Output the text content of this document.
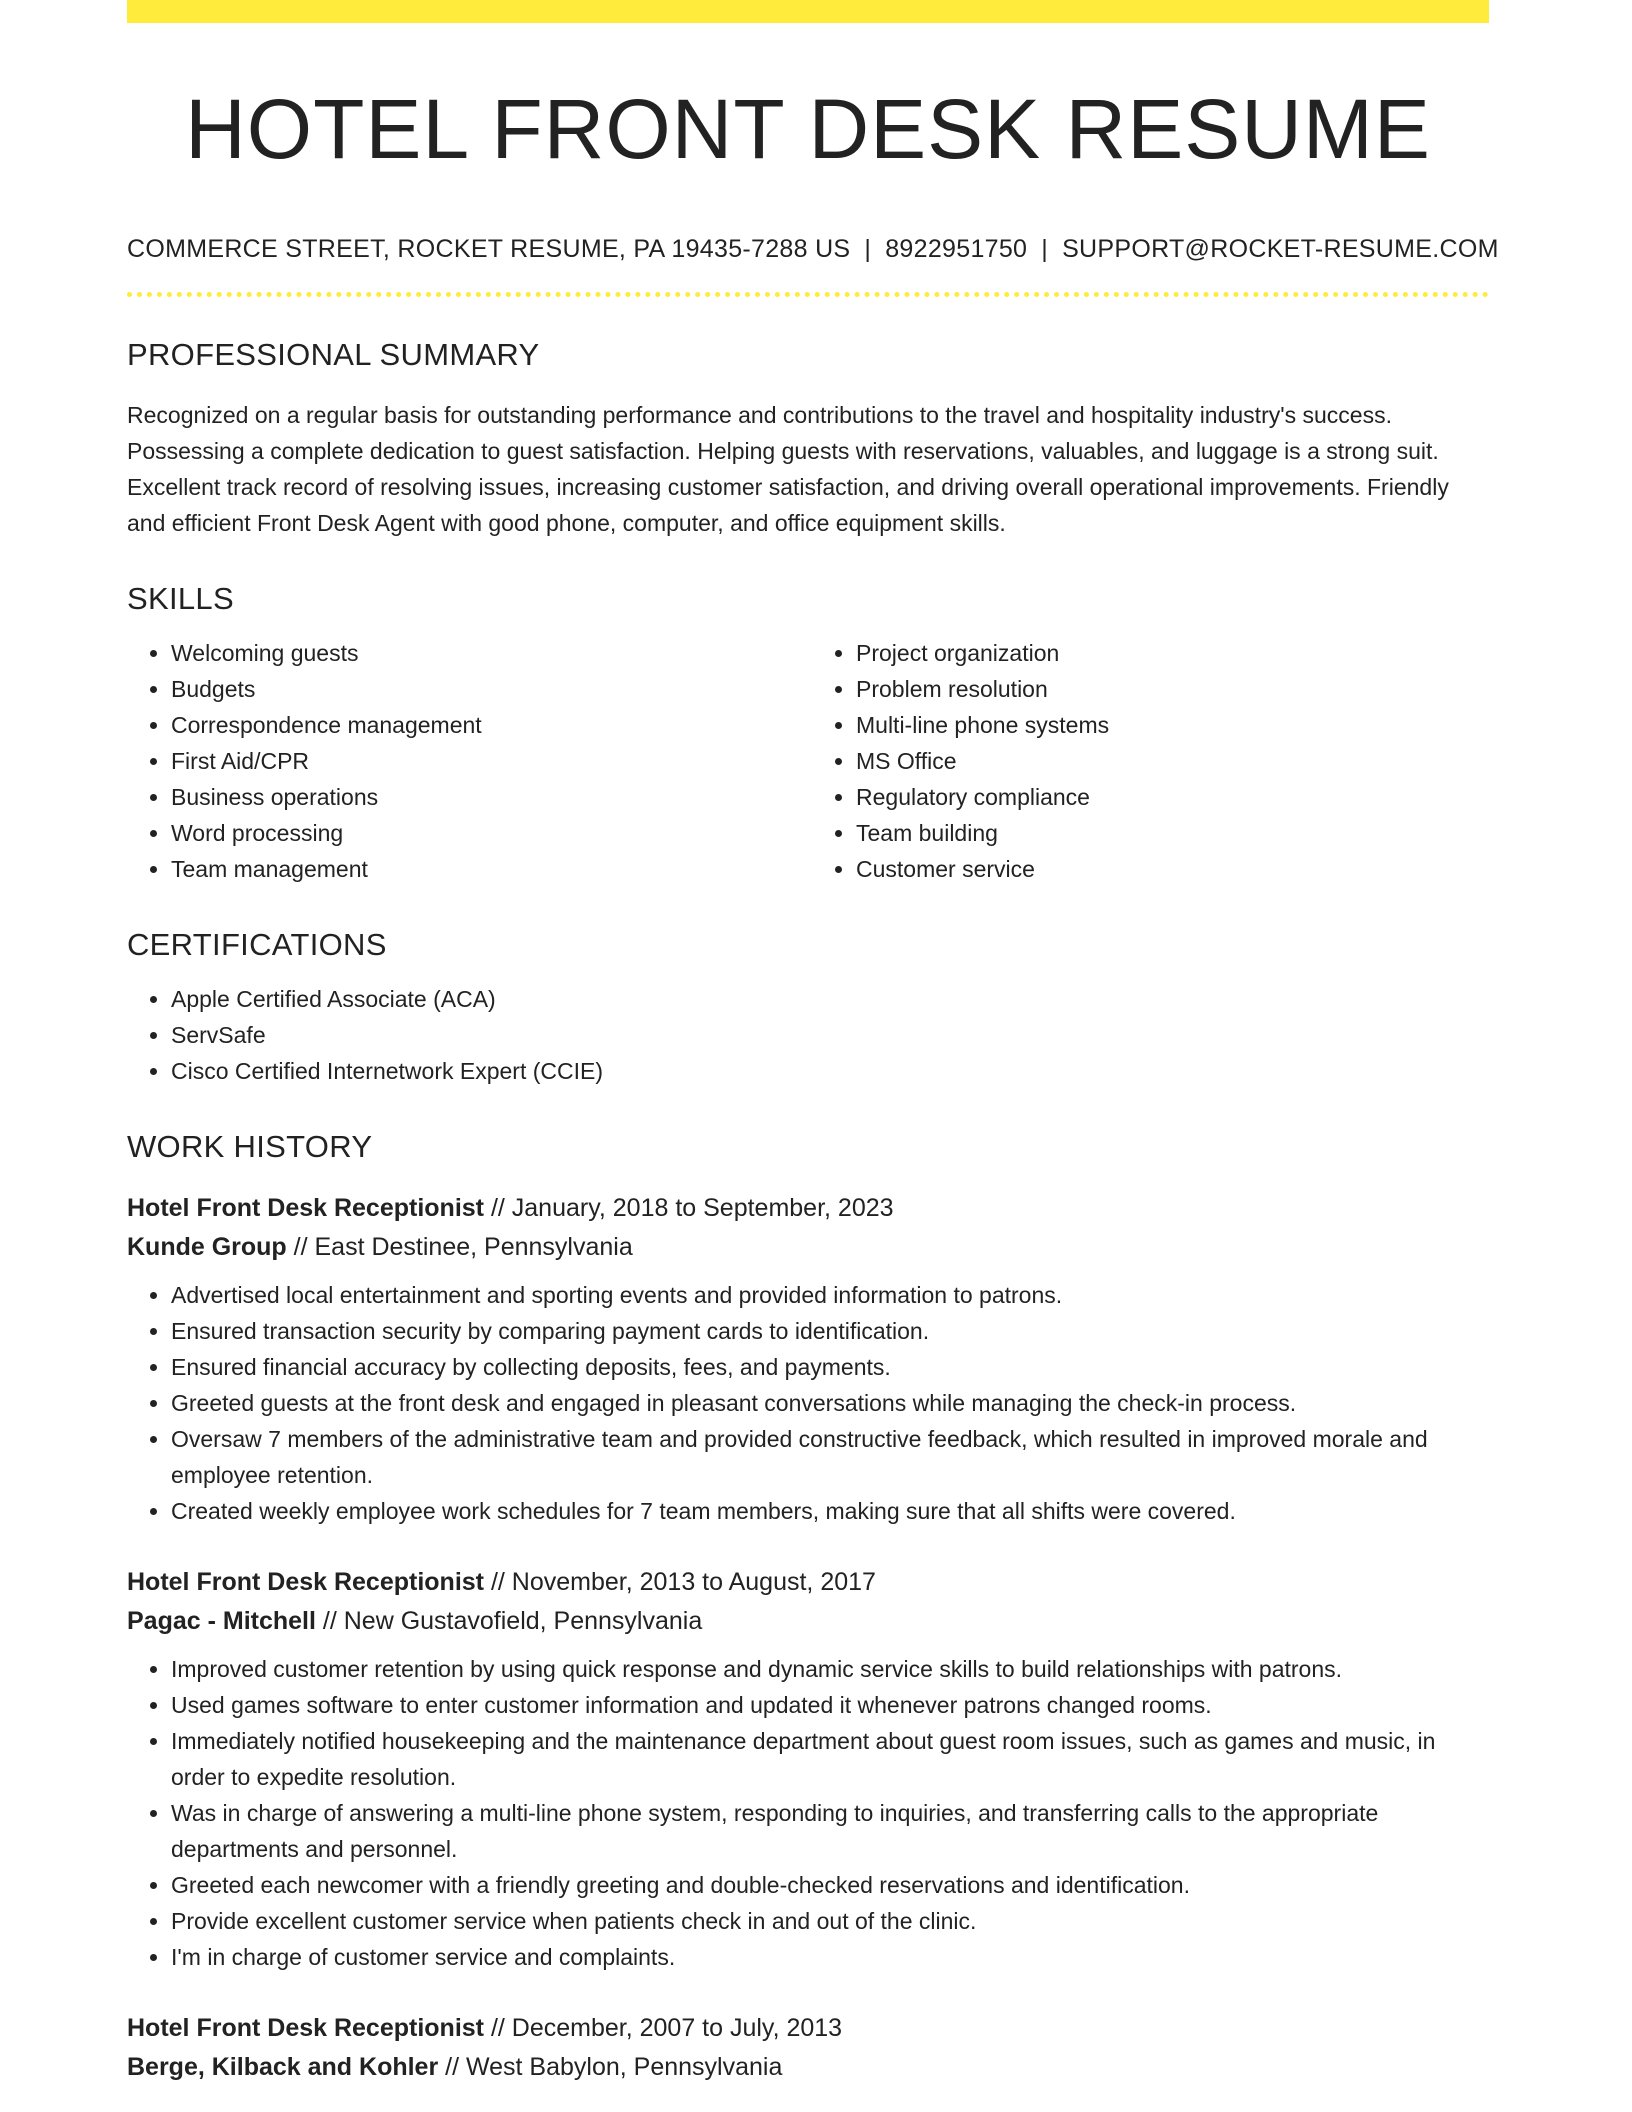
HOTEL FRONT DESK RESUME
COMMERCE STREET, ROCKET RESUME, PA 19435-7288 US | 8922951750 | SUPPORT@ROCKET-RESUME.COM
PROFESSIONAL SUMMARY

Recognized on a regular basis for outstanding performance and contributions to the travel and hospitality industry's success. Possessing a complete dedication to guest satisfaction. Helping guests with reservations, valuables, and luggage is a strong suit. Excellent track record of resolving issues, increasing customer satisfaction, and driving overall operational improvements. Friendly and efficient Front Desk Agent with good phone, computer, and office equipment skills.

SKILLS
• Welcoming guests
• Budgets
• Correspondence management
• First Aid/CPR
• Business operations
• Word processing
• Team management
• Project organization
• Problem resolution
• Multi-line phone systems
• MS Office
• Regulatory compliance
• Team building
• Customer service
CERTIFICATIONS
• Apple Certified Associate (ACA)
• ServSafe
• Cisco Certified Internetwork Expert (CCIE)
WORK HISTORY
Hotel Front Desk Receptionist // January, 2018 to September, 2023
Kunde Group // East Destinee, Pennsylvania
• Advertised local entertainment and sporting events and provided information to patrons.
• Ensured transaction security by comparing payment cards to identification.
• Ensured financial accuracy by collecting deposits, fees, and payments.
• Greeted guests at the front desk and engaged in pleasant conversations while managing the check-in process.
• Oversaw 7 members of the administrative team and provided constructive feedback, which resulted in improved morale and employee retention.
• Created weekly employee work schedules for 7 team members, making sure that all shifts were covered.
Hotel Front Desk Receptionist // November, 2013 to August, 2017
Pagac - Mitchell // New Gustavofield, Pennsylvania
• Improved customer retention by using quick response and dynamic service skills to build relationships with patrons.
• Used games software to enter customer information and updated it whenever patrons changed rooms.
• Immediately notified housekeeping and the maintenance department about guest room issues, such as games and music, in order to expedite resolution.
• Was in charge of answering a multi-line phone system, responding to inquiries, and transferring calls to the appropriate departments and personnel.
• Greeted each newcomer with a friendly greeting and double-checked reservations and identification.
• Provide excellent customer service when patients check in and out of the clinic.
• I'm in charge of customer service and complaints.
Hotel Front Desk Receptionist // December, 2007 to July, 2013
Berge, Kilback and Kohler // West Babylon, Pennsylvania
